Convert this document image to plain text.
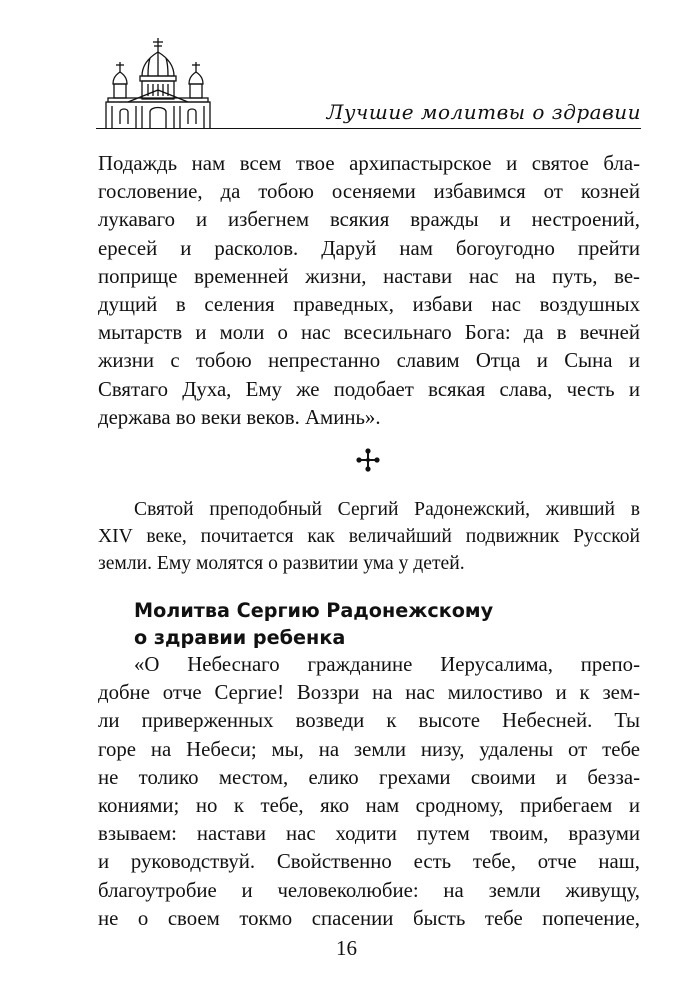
Лучшие молитвы о здравии
Подаждь нам всем твое архипастырское и святое бла-
гословение, да тобою осеняеми избавимся от козней
лукаваго и избегнем всякия вражды и нестроений,
ересей и расколов. Даруй нам богоугодно прейти
поприще временней жизни, настави нас на путь, ве-
дущий в селения праведных, избави нас воздушных
мытарств и моли о нас всесильнаго Бога: да в вечней
жизни с тобою непрестанно славим Отца и Сына и
Святаго Духа, Ему же подобает всякая слава, честь и
держава во веки веков. Аминь».
Святой преподобный Сергий Радонежский, живший в
XIV веке, почитается как величайший подвижник Русской
земли. Ему молятся о развитии ума у детей.
Молитва Сергию Радонежскому
о здравии ребенка
«О Небеснаго гражданине Иерусалима, препо-
добне отче Сергие! Воззри на нас милостиво и к зем-
ли приверженных возведи к высоте Небесней. Ты
горе на Небеси; мы, на земли низу, удалены от тебе
не толико местом, елико грехами своими и безза-
кониями; но к тебе, яко нам сродному, прибегаем и
взываем: настави нас ходити путем твоим, вразуми
и руководствуй. Свойственно есть тебе, отче наш,
благоутробие и человеколюбие: на земли живущу,
не о своем токмо спасении бысть тебе попечение,
16
